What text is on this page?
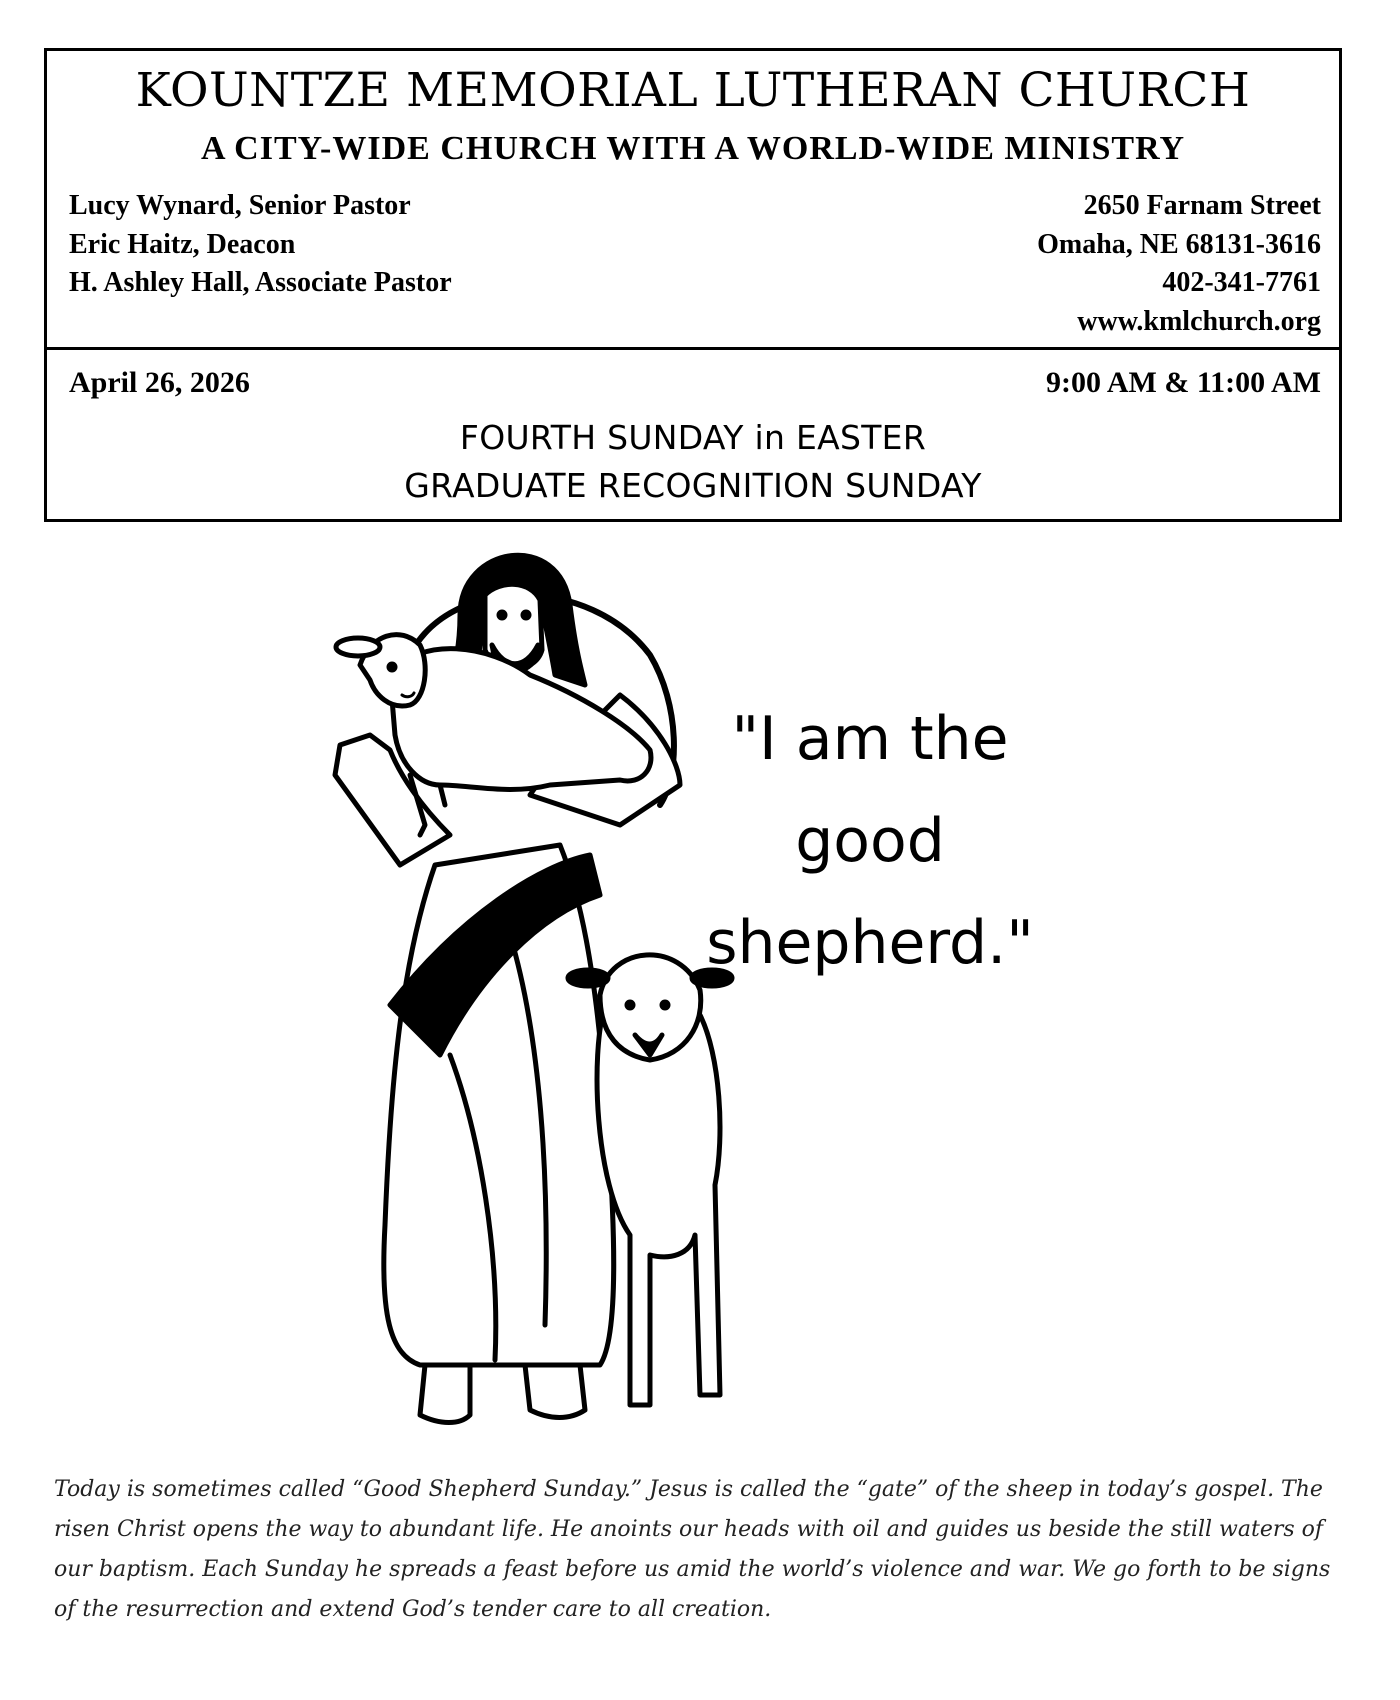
KOUNTZE MEMORIAL LUTHERAN CHURCH
A CITY-WIDE CHURCH WITH A WORLD-WIDE MINISTRY
Lucy Wynard, Senior Pastor
Eric Haitz, Deacon
H. Ashley Hall, Associate Pastor
2650 Farnam Street
Omaha, NE 68131-3616
402-341-7761
www.kmlchurch.org
April 26, 2026	9:00 AM & 11:00 AM
FOURTH SUNDAY in EASTER
GRADUATE RECOGNITION SUNDAY
"I am the
good
shepherd."
Today is sometimes called “Good Shepherd Sunday.” Jesus is called the “gate” of the sheep in today’s gospel. The risen Christ opens the way to abundant life. He anoints our heads with oil and guides us beside the still waters of our baptism. Each Sunday he spreads a feast before us amid the world’s violence and war. We go forth to be signs of the resurrection and extend God’s tender care to all creation.
